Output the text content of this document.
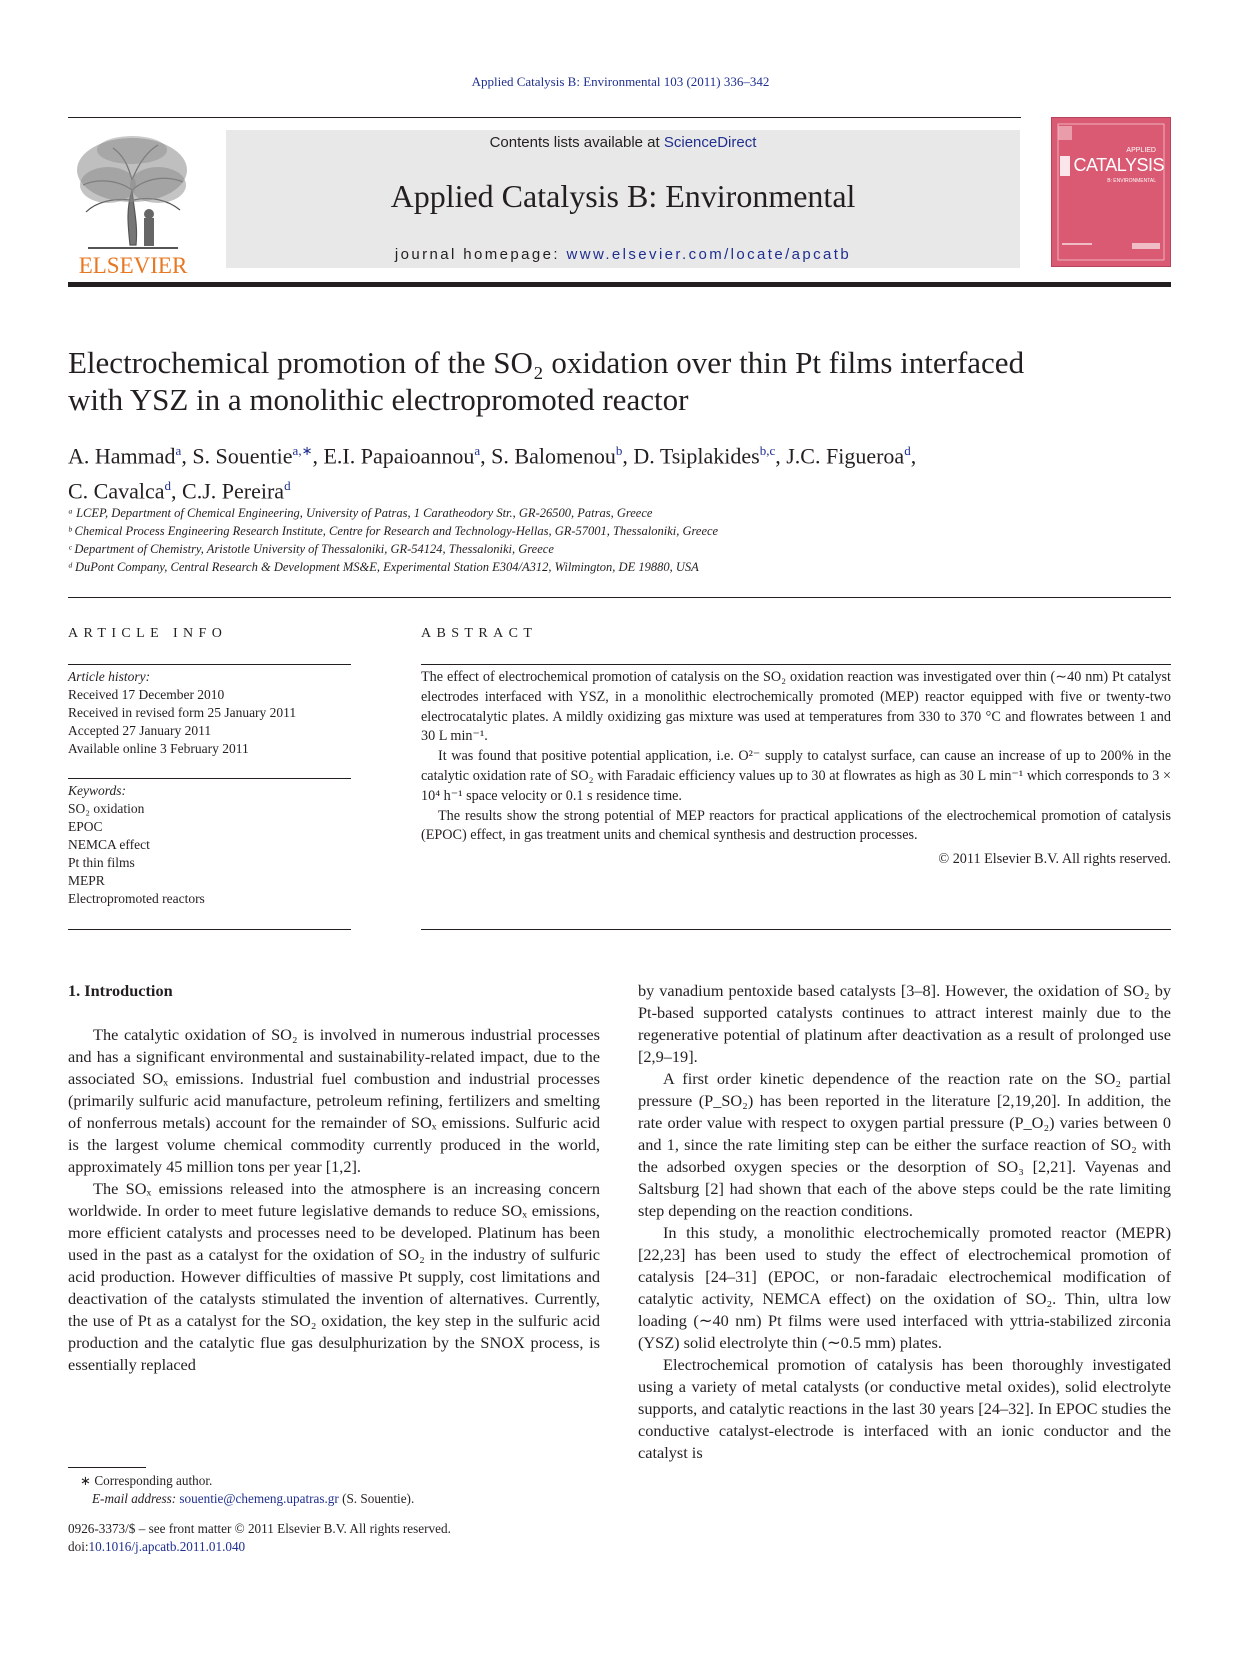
Applied Catalysis B: Environmental 103 (2011) 336–342
ELSEVIER
Contents lists available at ScienceDirect
Applied Catalysis B: Environmental
journal homepage: www.elsevier.com/locate/apcatb
APPLIED
CATALYSIS
B: ENVIRONMENTAL
Electrochemical promotion of the SO₂ oxidation over thin Pt films interfaced
with YSZ in a monolithic electropromoted reactor
A. Hammad$^a$, S. Souentie$^{a,∗}$, E.I. Papaioannou$^a$, S. Balomenou$^b$, D. Tsiplakides$^{b,c}$, J.C. Figueroa$^d$,
C. Cavalca$^d$, C.J. Pereira$^d$
ᵃ LCEP, Department of Chemical Engineering, University of Patras, 1 Caratheodory Str., GR-26500, Patras, Greece
ᵇ Chemical Process Engineering Research Institute, Centre for Research and Technology-Hellas, GR-57001, Thessaloniki, Greece
ᶜ Department of Chemistry, Aristotle University of Thessaloniki, GR-54124, Thessaloniki, Greece
ᵈ DuPont Company, Central Research & Development MS&E, Experimental Station E304/A312, Wilmington, DE 19880, USA
ARTICLE INFO
Article history:
Received 17 December 2010
Received in revised form 25 January 2011
Accepted 27 January 2011
Available online 3 February 2011
Keywords:
SO₂ oxidation
EPOC
NEMCA effect
Pt thin films
MEPR
Electropromoted reactors
ABSTRACT

The effect of electrochemical promotion of catalysis on the SO₂ oxidation reaction was investigated over thin (∼40 nm) Pt catalyst electrodes interfaced with YSZ, in a monolithic electrochemically promoted (MEP) reactor equipped with five or twenty-two electrocatalytic plates. A mildly oxidizing gas mixture was used at temperatures from 330 to 370 °C and flowrates between 1 and 30 L min⁻¹.

It was found that positive potential application, i.e. O²⁻ supply to catalyst surface, can cause an increase of up to 200% in the catalytic oxidation rate of SO₂ with Faradaic efficiency values up to 30 at flowrates as high as 30 L min⁻¹ which corresponds to 3 × 10⁴ h⁻¹ space velocity or 0.1 s residence time.

The results show the strong potential of MEP reactors for practical applications of the electrochemical promotion of catalysis (EPOC) effect, in gas treatment units and chemical synthesis and destruction processes.

© 2011 Elsevier B.V. All rights reserved.
1. Introduction

The catalytic oxidation of SO₂ is involved in numerous industrial processes and has a significant environmental and sustainability-related impact, due to the associated SOₓ emissions. Industrial fuel combustion and industrial processes (primarily sulfuric acid manufacture, petroleum refining, fertilizers and smelting of nonferrous metals) account for the remainder of SOₓ emissions. Sulfuric acid is the largest volume chemical commodity currently produced in the world, approximately 45 million tons per year [1,2].

The SOₓ emissions released into the atmosphere is an increasing concern worldwide. In order to meet future legislative demands to reduce SOₓ emissions, more efficient catalysts and processes need to be developed. Platinum has been used in the past as a catalyst for the oxidation of SO₂ in the industry of sulfuric acid production. However difficulties of massive Pt supply, cost limitations and deactivation of the catalysts stimulated the invention of alternatives. Currently, the use of Pt as a catalyst for the SO₂ oxidation, the key step in the sulfuric acid production and the catalytic flue gas desulphurization by the SNOX process, is essentially replaced

by vanadium pentoxide based catalysts [3–8]. However, the oxidation of SO₂ by Pt-based supported catalysts continues to attract interest mainly due to the regenerative potential of platinum after deactivation as a result of prolonged use [2,9–19].

A first order kinetic dependence of the reaction rate on the SO₂ partial pressure (P_SO₂) has been reported in the literature [2,19,20]. In addition, the rate order value with respect to oxygen partial pressure (P_O₂) varies between 0 and 1, since the rate limiting step can be either the surface reaction of SO₂ with the adsorbed oxygen species or the desorption of SO₃ [2,21]. Vayenas and Saltsburg [2] had shown that each of the above steps could be the rate limiting step depending on the reaction conditions.

In this study, a monolithic electrochemically promoted reactor (MEPR) [22,23] has been used to study the effect of electrochemical promotion of catalysis [24–31] (EPOC, or non-faradaic electrochemical modification of catalytic activity, NEMCA effect) on the oxidation of SO₂. Thin, ultra low loading (∼40 nm) Pt films were used interfaced with yttria-stabilized zirconia (YSZ) solid electrolyte thin (∼0.5 mm) plates.

Electrochemical promotion of catalysis has been thoroughly investigated using a variety of metal catalysts (or conductive metal oxides), solid electrolyte supports, and catalytic reactions in the last 30 years [24–32]. In EPOC studies the conductive catalyst-electrode is interfaced with an ionic conductor and the catalyst is

∗ Corresponding author.
E-mail address: souentie@chemeng.upatras.gr (S. Souentie).
0926-3373/$ – see front matter © 2011 Elsevier B.V. All rights reserved.
doi:10.1016/j.apcatb.2011.01.040
